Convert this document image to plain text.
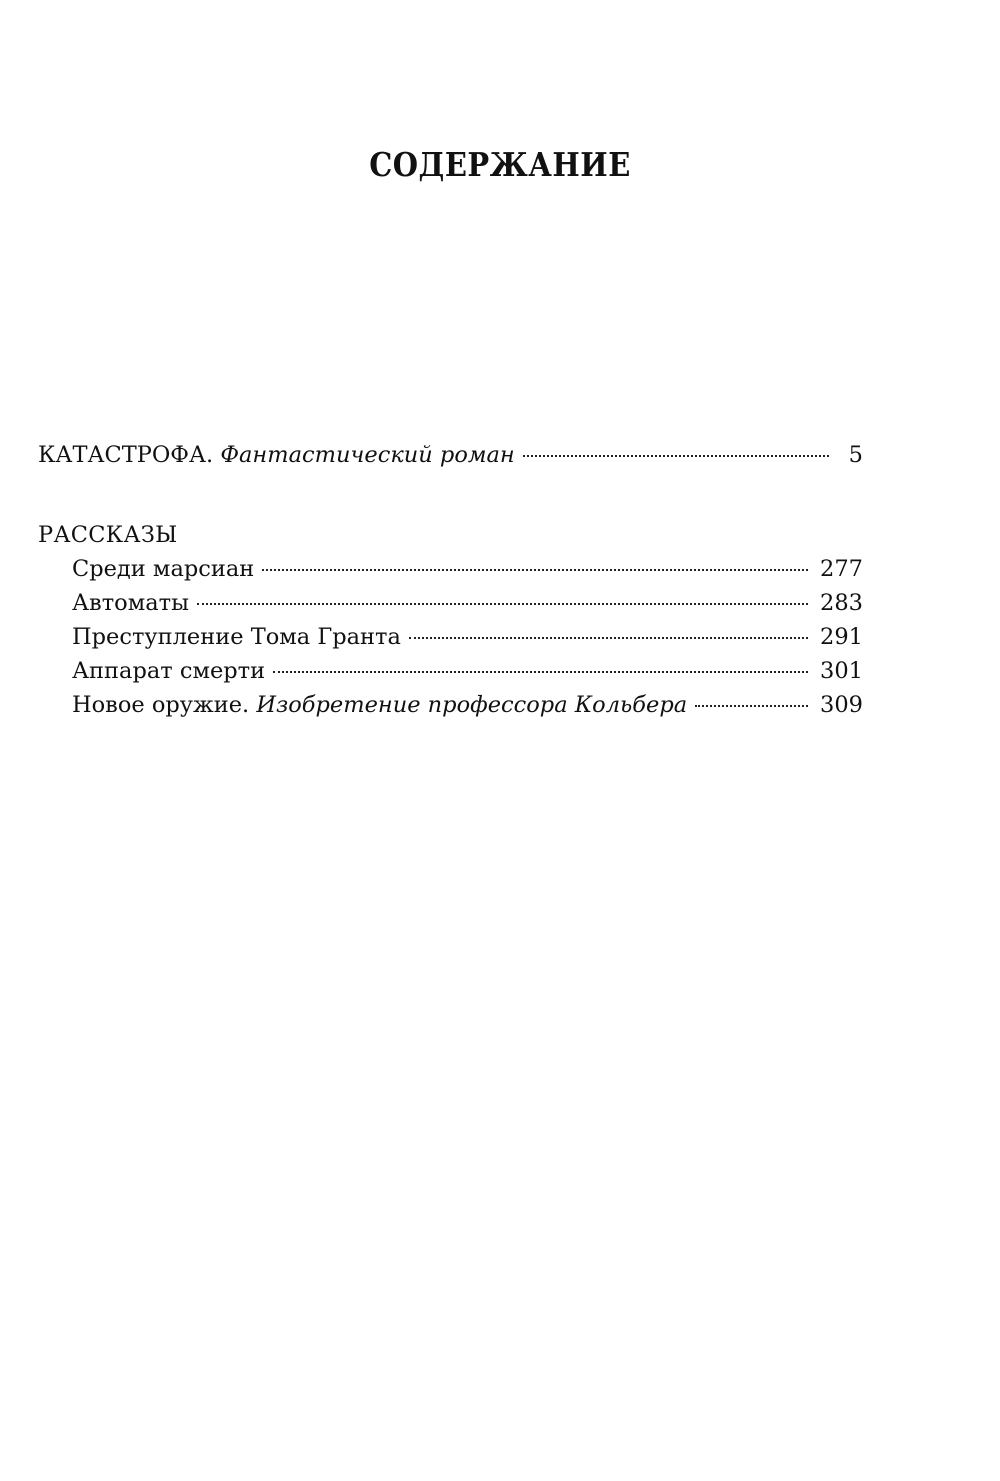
СОДЕРЖАНИЕ
КАТАСТРОФА. Фантастический роман	5
РАССКАЗЫ
Среди марсиан	277
Автоматы	283
Преступление Тома Гранта	291
Аппарат смерти	301
Новое оружие. Изобретение профессора Кольбера	309
